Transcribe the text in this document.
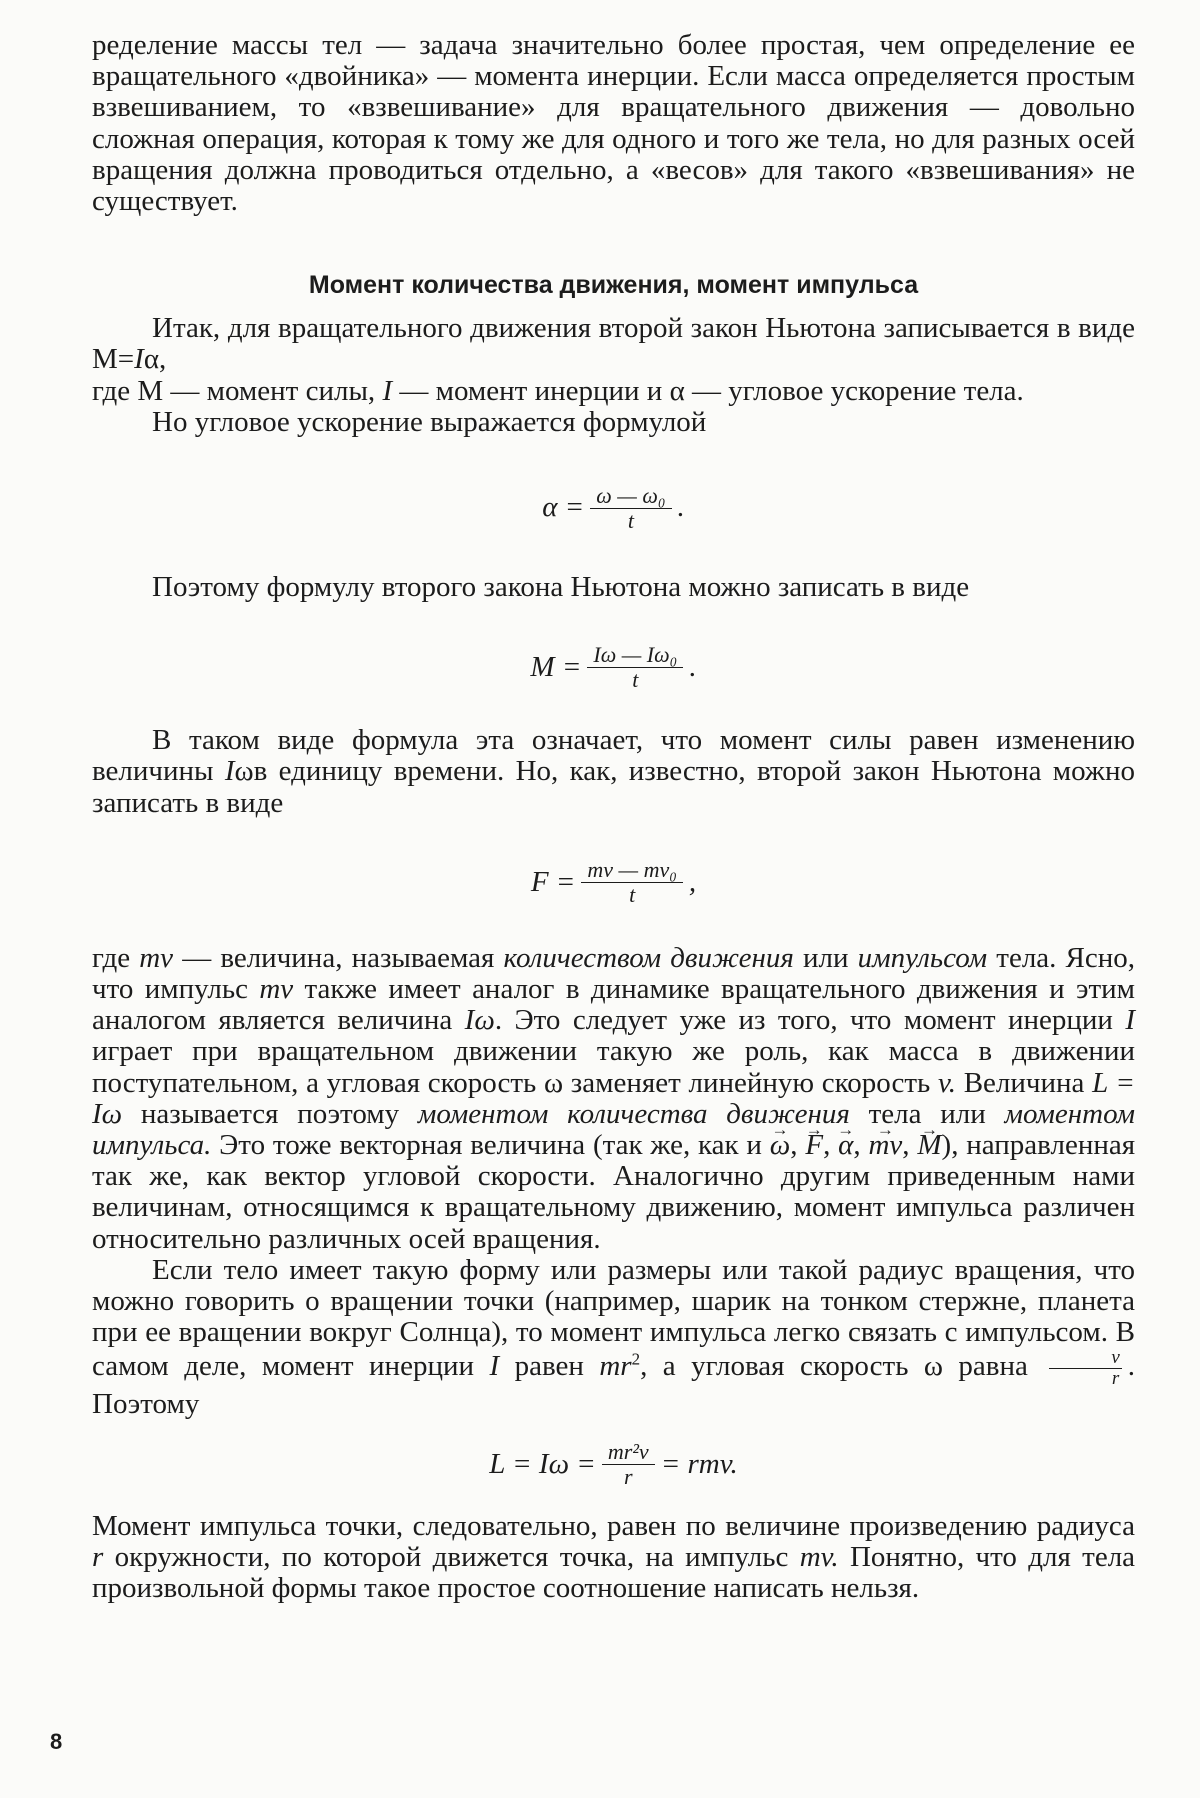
ределение массы тел — задача значительно более простая, чем определение ее вращательного «двойника» — момента инерции. Если масса определяется простым взвешиванием, то «взвешивание» для вращательного движения — довольно сложная операция, которая к тому же для одного и того же тела, но для разных осей вращения должна проводиться отдельно, а «весов» для такого «взвешивания» не существует.

Момент количества движения, момент импульса

Итак, для вращательного движения второй закон Ньютона записывается в виде М=Iα,

где М — момент силы, I — момент инерции и α — угловое ускорение тела.

Но угловое ускорение выражается формулой

$\alpha = \frac{\text{ω — ω₀}}{t}$ .

Поэтому формулу второго закона Ньютона можно записать в виде

$M = \frac{\text{Iω — Iω₀}}{t}$ .

В таком виде формула эта означает, что момент силы равен изменению величины Iωв единицу времени. Но, как, известно, второй закон Ньютона можно записать в виде

$F = \frac{\text{mv — mv₀}}{t}$ ,

где mv — величина, называемая количеством движения или импульсом тела. Ясно, что импульс mv также имеет аналог в динамике вращательного движения и этим аналогом является величина Iω. Это следует уже из того, что момент инерции I играет при вращательном движении такую же роль, как масса в движении поступательном, а угловая скорость ω заменяет линейную скорость v. Величина L = Iω называется поэтому моментом количества движения тела или моментом импульса. Это тоже векторная величина (так же, как и → ω, → F, → α, → mv, → M), направленная так же, как вектор угловой скорости. Аналогично другим приведенным нами величинам, относящимся к вращательному движению, момент импульса различен относительно различных осей вращения.

Если тело имеет такую форму или размеры или такой радиус вращения, что можно говорить о вращении точки (например, шарик на тонком стержне, планета при ее вращении вокруг Солнца), то момент импульса легко связать с импульсом. В самом деле, момент инерции I равен $mr^2$, а угловая скорость ω равна $\frac{v}{r}$ . Поэтому

$L = I\omega = \frac{\text{mr²v}}{r}$ = rmv.

Момент импульса точки, следовательно, равен по величине произведению радиуса r окружности, по которой движется точка, на импульс mv. Понятно, что для тела произвольной формы такое простое соотношение написать нельзя.

8
